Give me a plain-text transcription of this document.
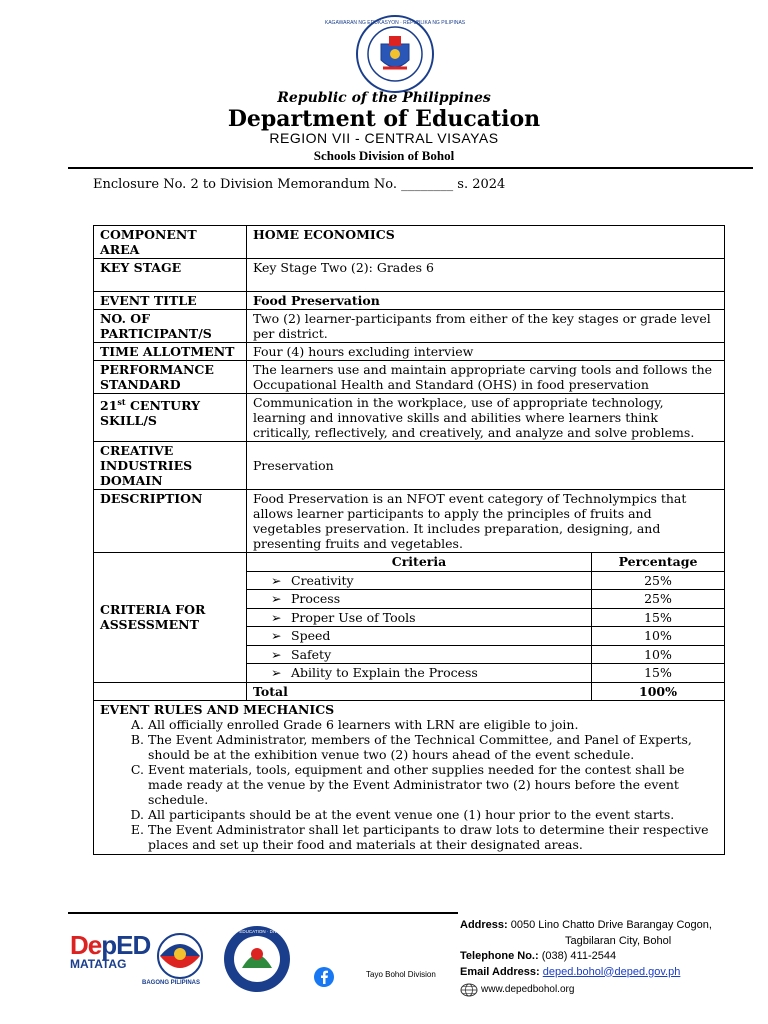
KAGAWARAN NG EDUKASYON · REPUBLIKA NG PILIPINAS
Republic of the Philippines
Department of Education
REGION VII - CENTRAL VISAYAS
Schools Division of Bohol
Enclosure No. 2 to Division Memorandum No. ________ s. 2024
COMPONENT AREA	HOME ECONOMICS
KEY STAGE	Key Stage Two (2): Grades 6
EVENT TITLE	Food Preservation
NO. OF PARTICIPANT/S	Two (2) learner-participants from either of the key stages or grade level per district.
TIME ALLOTMENT	Four (4) hours excluding interview
PERFORMANCE STANDARD	The learners use and maintain appropriate carving tools and follows the Occupational Health and Standard (OHS) in food preservation
21st CENTURY SKILL/S	Communication in the workplace, use of appropriate technology, learning and innovative skills and abilities where learners think critically, reflectively, and creatively, and analyze and solve problems.
CREATIVE INDUSTRIES DOMAIN	Preservation
DESCRIPTION	Food Preservation is an NFOT event category of Technolympics that allows learner participants to apply the principles of fruits and vegetables preservation. It includes preparation, designing, and presenting fruits and vegetables.
CRITERIA FOR ASSESSMENT	
Criteria	Percentage
➢ Creativity	25%
➢ Process	25%
➢ Proper Use of Tools	15%
➢ Speed	10%
➢ Safety	10%
➢ Ability to Explain the Process	15%

Total	100%

EVENT RULES AND MECHANICS
A. All officially enrolled Grade 6 learners with LRN are eligible to join.
B. The Event Administrator, members of the Technical Committee, and Panel of Experts, should be at the exhibition venue two (2) hours ahead of the event schedule.
C. Event materials, tools, equipment and other supplies needed for the contest shall be made ready at the venue by the Event Administrator two (2) hours before the event schedule.
D. All participants should be at the event venue one (1) hour prior to the event starts.
E. The Event Administrator shall let participants to draw lots to determine their respective places and set up their food and materials at their designated areas.
DepED
MATATAG
BAGONG PILIPINAS
DEPARTMENT OF EDUCATION · DIVISION OF BOHOL
Tayo Bohol Division
Address: 0050 Lino Chatto Drive Barangay Cogon,
Tagbilaran City, Bohol
Telephone No.: (038) 411-2544
Email Address: deped.bohol@deped.gov.ph
www.depedbohol.org
